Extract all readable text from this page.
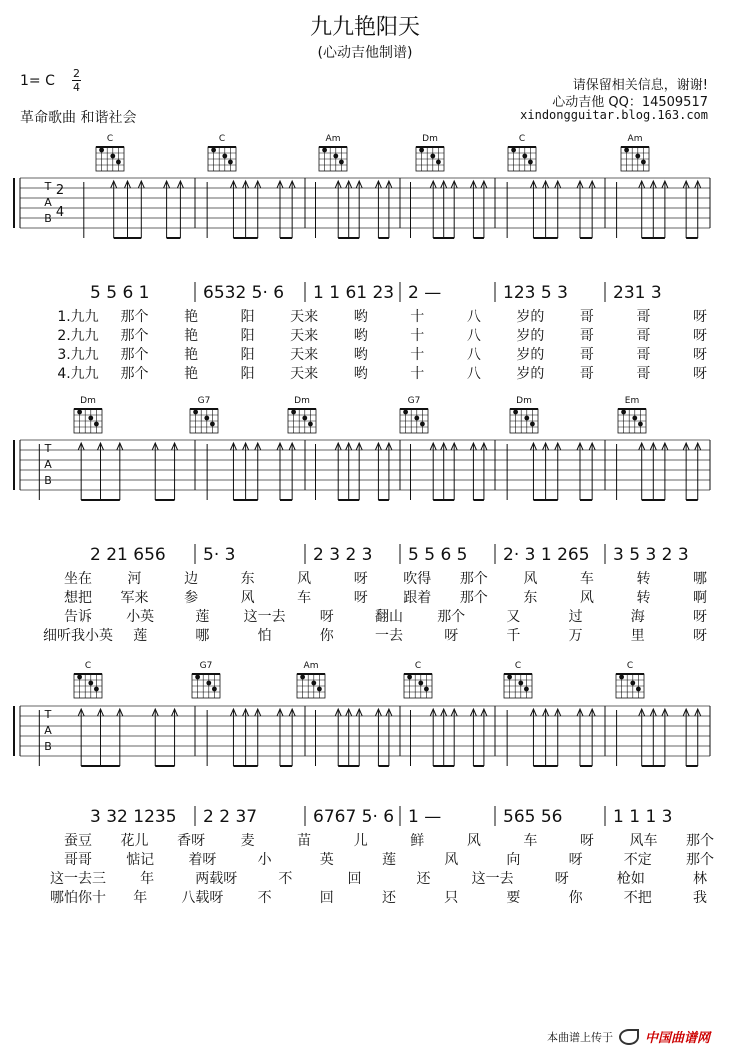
九九艳阳天
(心动吉他制谱)
1= C 2
4
革命歌曲 和谐社会
请保留相关信息，谢谢!
心动吉他 QQ：14509517
xindongguitar.blog.163.com
T
A
B
2
4
C	C	Am	Dm	C	Am
5 5 6 1	6532 5· 6 1 1 61 23 2 —	123 5 3	231 3
1.九九 那个	艳	阳	天来	哟	十	八	岁的	哥	哥	呀
2.九九 那个	艳	阳	天来	哟	十	八	岁的	哥	哥	呀
3.九九 那个	艳	阳	天来	哟	十	八	岁的	哥	哥	呀
4.九九 那个	艳	阳	天来	哟	十	八	岁的	哥	哥	呀
T
A
B
Dm	G7	Dm	G7	Dm	Em
2 21 656 5· 3	2 3 2 3 5 5 6 5 2· 3 1 265 3 5 3 2 3
坐在	河	边	东	风	呀	吹得 那个	风	车	转	哪
想把 军来	参	风	车	呀	跟着 那个	东	风	转	啊
告诉 小英	莲 这一去 呀	翻山 那个	又	过	海	呀
细听我小英 莲	哪	怕	你	一去	呀	千	万	里	呀
T
A
B
C	G7	Am	C	C	C
3 32 1235 2 2 37	6767 5· 6 1 —	565 56	1 1 1 3
蚕豆 花儿 香呀	麦	苗	儿	鲜	风	车	呀	风车 那个
哥哥 惦记 着呀	小	英	莲	风	向	呀	不定 那个
这一去三 年	两载呀	不	回	还	这一去	呀	枪如	林
哪怕你十 年 八载呀 不	回	还	只	要	你	不把	我
本曲谱上传于 中国曲谱网
